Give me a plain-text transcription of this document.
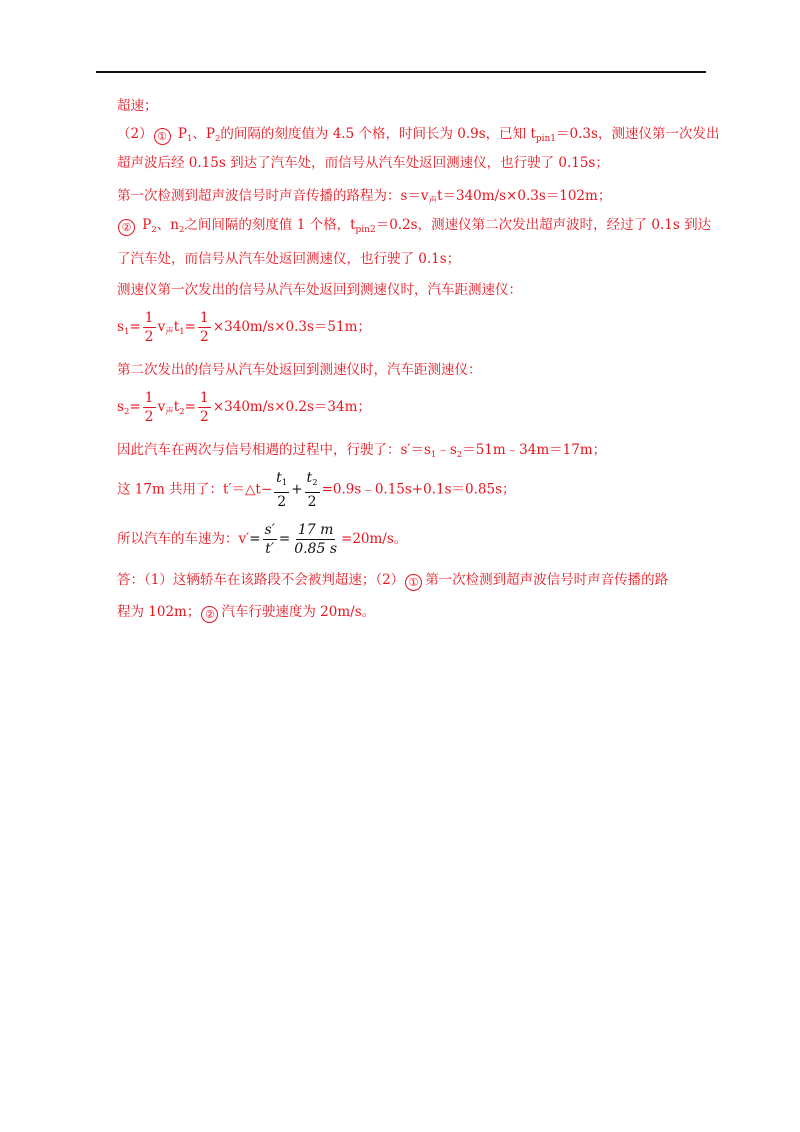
超速；
（2） ① $P_1$、$P_2$的间隔的刻度值为 4.5 个格，时间长为 0.9s，已知 $t_{pin1}=0.3s$，测速仪第一次发出
超声波后经 0.15s 到达了汽车处，而信号从汽车处返回测速仪，也行驶了 0.15s；
第一次检测到超声波信号时声音传播的路程为：$s=v_声t=340m/s\times 0.3s=102m$；
② $P_2$、$n_2$之间间隔的刻度值 1 个格，$t_{pin2}=0.2s$，测速仪第二次发出超声波时，经过了 0.1s 到达
了汽车处，而信号从汽车处返回测速仪，也行驶了 0.1s；
测速仪第一次发出的信号从汽车处返回到测速仪时，汽车距测速仪：
$s_1= \frac{1}{2} v_声t_1= \frac{1}{2} \times 340m/s\times 0.3s=51m$；
第二次发出的信号从汽车处返回到测速仪时，汽车距测速仪：
$s_2= \frac{1}{2} v_声t_2= \frac{1}{2} \times 340m/s\times 0.2s=34m$；
因此汽车在两次与信号相遇的过程中，行驶了：$s'=s_1﹣s_2=51m﹣34m=17m$；
这 17m 共用了：t′＝△t− $\frac{t_1}{2} + \frac{t_2}{2}$ =0.9s﹣0.15s+0.1s＝0.85s；
所以汽车的车速为：$v'= \frac{s'}{t'} = \frac{17 m}{0.85 s} =20m/s$。
答：（1）这辆轿车在该路段不会被判超速；（2） ① 第一次检测到超声波信号时声音传播的路
程为 102m； ② 汽车行驶速度为 20m/s。
